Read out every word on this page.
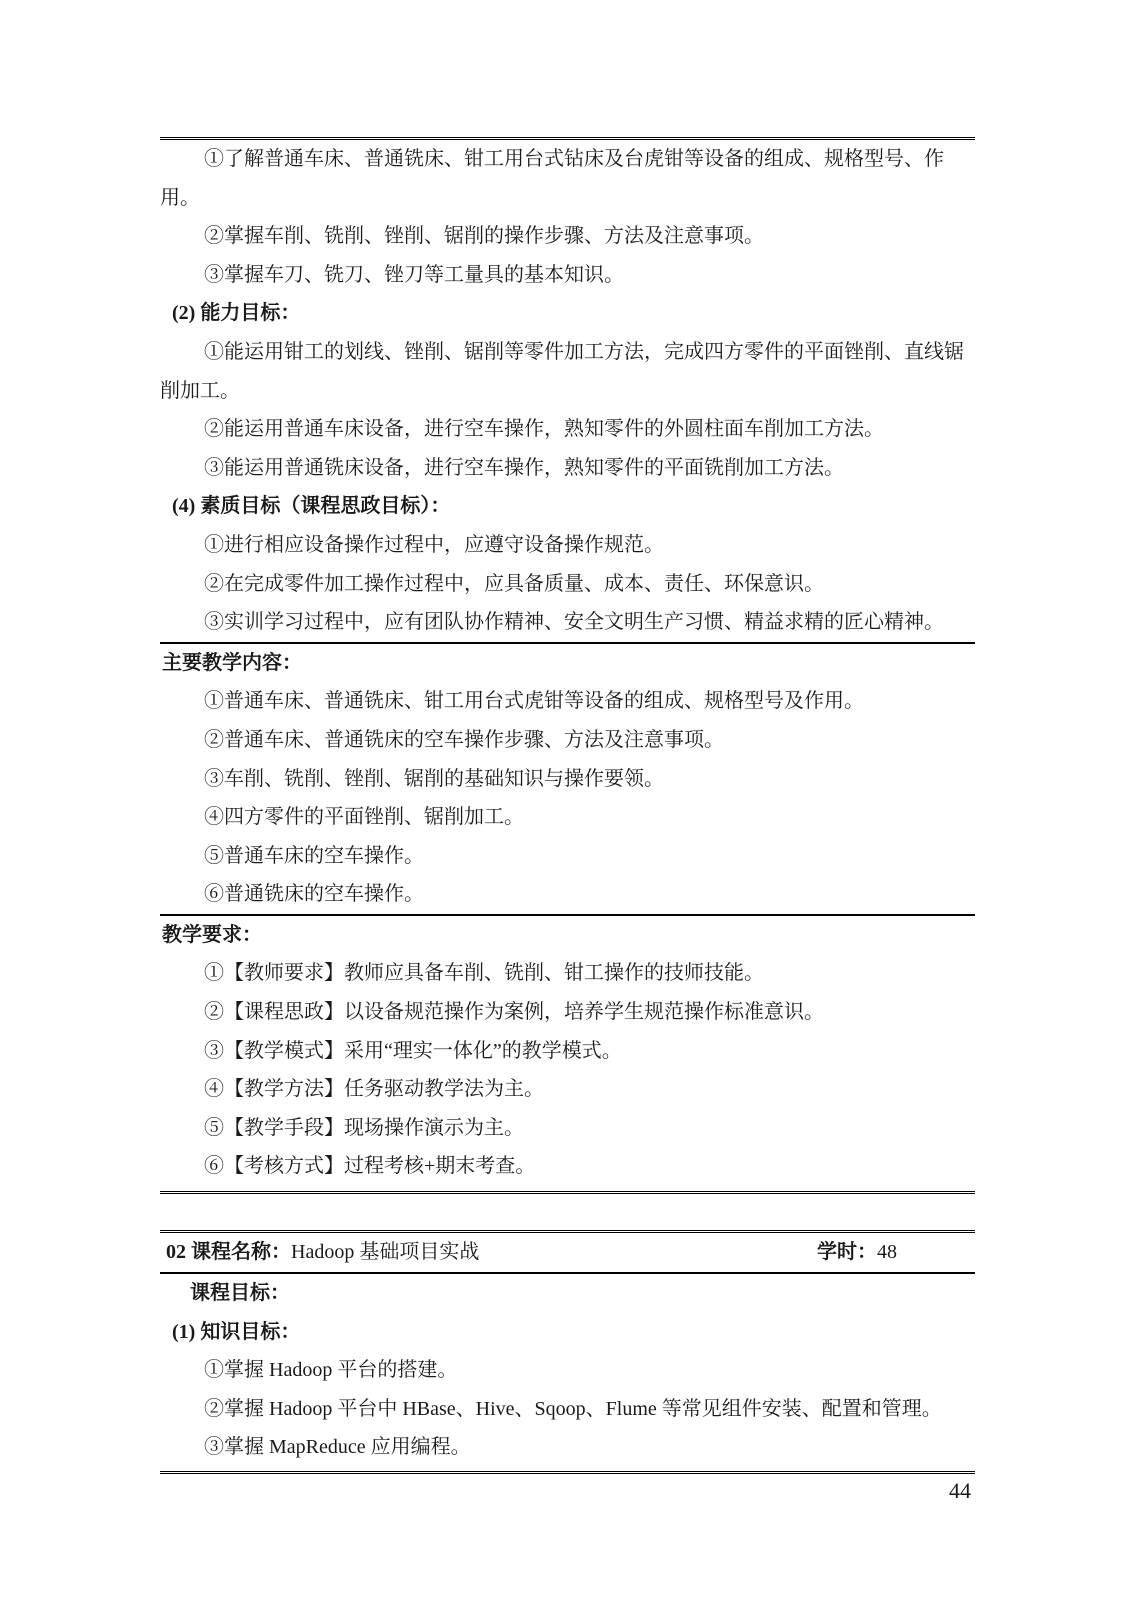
①了解普通车床、普通铣床、钳工用台式钻床及台虎钳等设备的组成、规格型号、作用。

②掌握车削、铣削、锉削、锯削的操作步骤、方法及注意事项。

③掌握车刀、铣刀、锉刀等工量具的基本知识。

(2) 能力目标：

①能运用钳工的划线、锉削、锯削等零件加工方法，完成四方零件的平面锉削、直线锯削加工。

②能运用普通车床设备，进行空车操作，熟知零件的外圆柱面车削加工方法。

③能运用普通铣床设备，进行空车操作，熟知零件的平面铣削加工方法。

(4) 素质目标（课程思政目标）：

①进行相应设备操作过程中，应遵守设备操作规范。

②在完成零件加工操作过程中，应具备质量、成本、责任、环保意识。

③实训学习过程中，应有团队协作精神、安全文明生产习惯、精益求精的匠心精神。

主要教学内容：

①普通车床、普通铣床、钳工用台式虎钳等设备的组成、规格型号及作用。

②普通车床、普通铣床的空车操作步骤、方法及注意事项。

③车削、铣削、锉削、锯削的基础知识与操作要领。

④四方零件的平面锉削、锯削加工。

⑤普通车床的空车操作。

⑥普通铣床的空车操作。

教学要求：

①【教师要求】教师应具备车削、铣削、钳工操作的技师技能。

②【课程思政】以设备规范操作为案例，培养学生规范操作标准意识。

③【教学模式】采用“理实一体化”的教学模式。

④【教学方法】任务驱动教学法为主。

⑤【教学手段】现场操作演示为主。

⑥【考核方式】过程考核+期末考查。

02 课程名称：Hadoop 基础项目实战	学时：48

课程目标：

(1) 知识目标：

①掌握 Hadoop 平台的搭建。

②掌握 Hadoop 平台中 HBase、Hive、Sqoop、Flume 等常见组件安装、配置和管理。

③掌握 MapReduce 应用编程。

44
